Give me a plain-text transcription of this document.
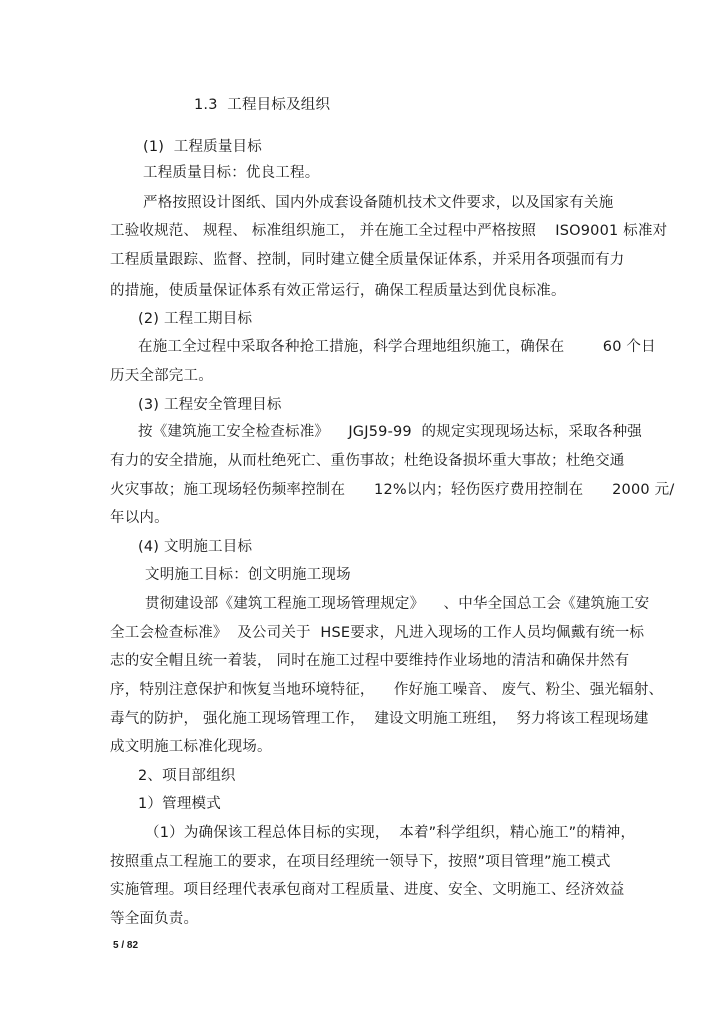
1.3  工程目标及组织
(1)  工程质量目标
工程质量目标：优良工程。
严格按照设计图纸、国内外成套设备随机技术文件要求，以及国家有关施
工验收规范、 规程、 标准组织施工， 并在施工全过程中严格按照    ISO9001 标准对
工程质量跟踪、监督、控制，同时建立健全质量保证体系，并采用各项强而有力
的措施，使质量保证体系有效正常运行，确保工程质量达到优良标准。
(2) 工程工期目标
在施工全过程中采取各种抢工措施，科学合理地组织施工，确保在        60 个日
历天全部完工。
(3) 工程安全管理目标
按《建筑施工安全检查标准》    JGJ59-99  的规定实现现场达标，采取各种强
有力的安全措施，从而杜绝死亡、重伤事故；杜绝设备损坏重大事故；杜绝交通
火灾事故；施工现场轻伤频率控制在      12%以内；轻伤医疗费用控制在      2000 元/
年以内。
(4) 文明施工目标
文明施工目标：创文明施工现场
贯彻建设部《建筑工程施工现场管理规定》    、中华全国总工会《建筑施工安
全工会检查标准》  及公司关于  HSE要求，凡进入现场的工作人员均佩戴有统一标
志的安全帽且统一着装， 同时在施工过程中要维持作业场地的清洁和确保井然有
序，特别注意保护和恢复当地环境特征，    作好施工噪音、 废气、粉尘、强光辐射、
毒气的防护， 强化施工现场管理工作，  建设文明施工班组，  努力将该工程现场建
成文明施工标准化现场。
2、项目部组织
1）管理模式
（1）为确保该工程总体目标的实现，  本着”科学组织，精心施工”的精神，
按照重点工程施工的要求，在项目经理统一领导下，按照”项目管理”施工模式
实施管理。项目经理代表承包商对工程质量、进度、安全、文明施工、经济效益
等全面负责。
5 / 82
